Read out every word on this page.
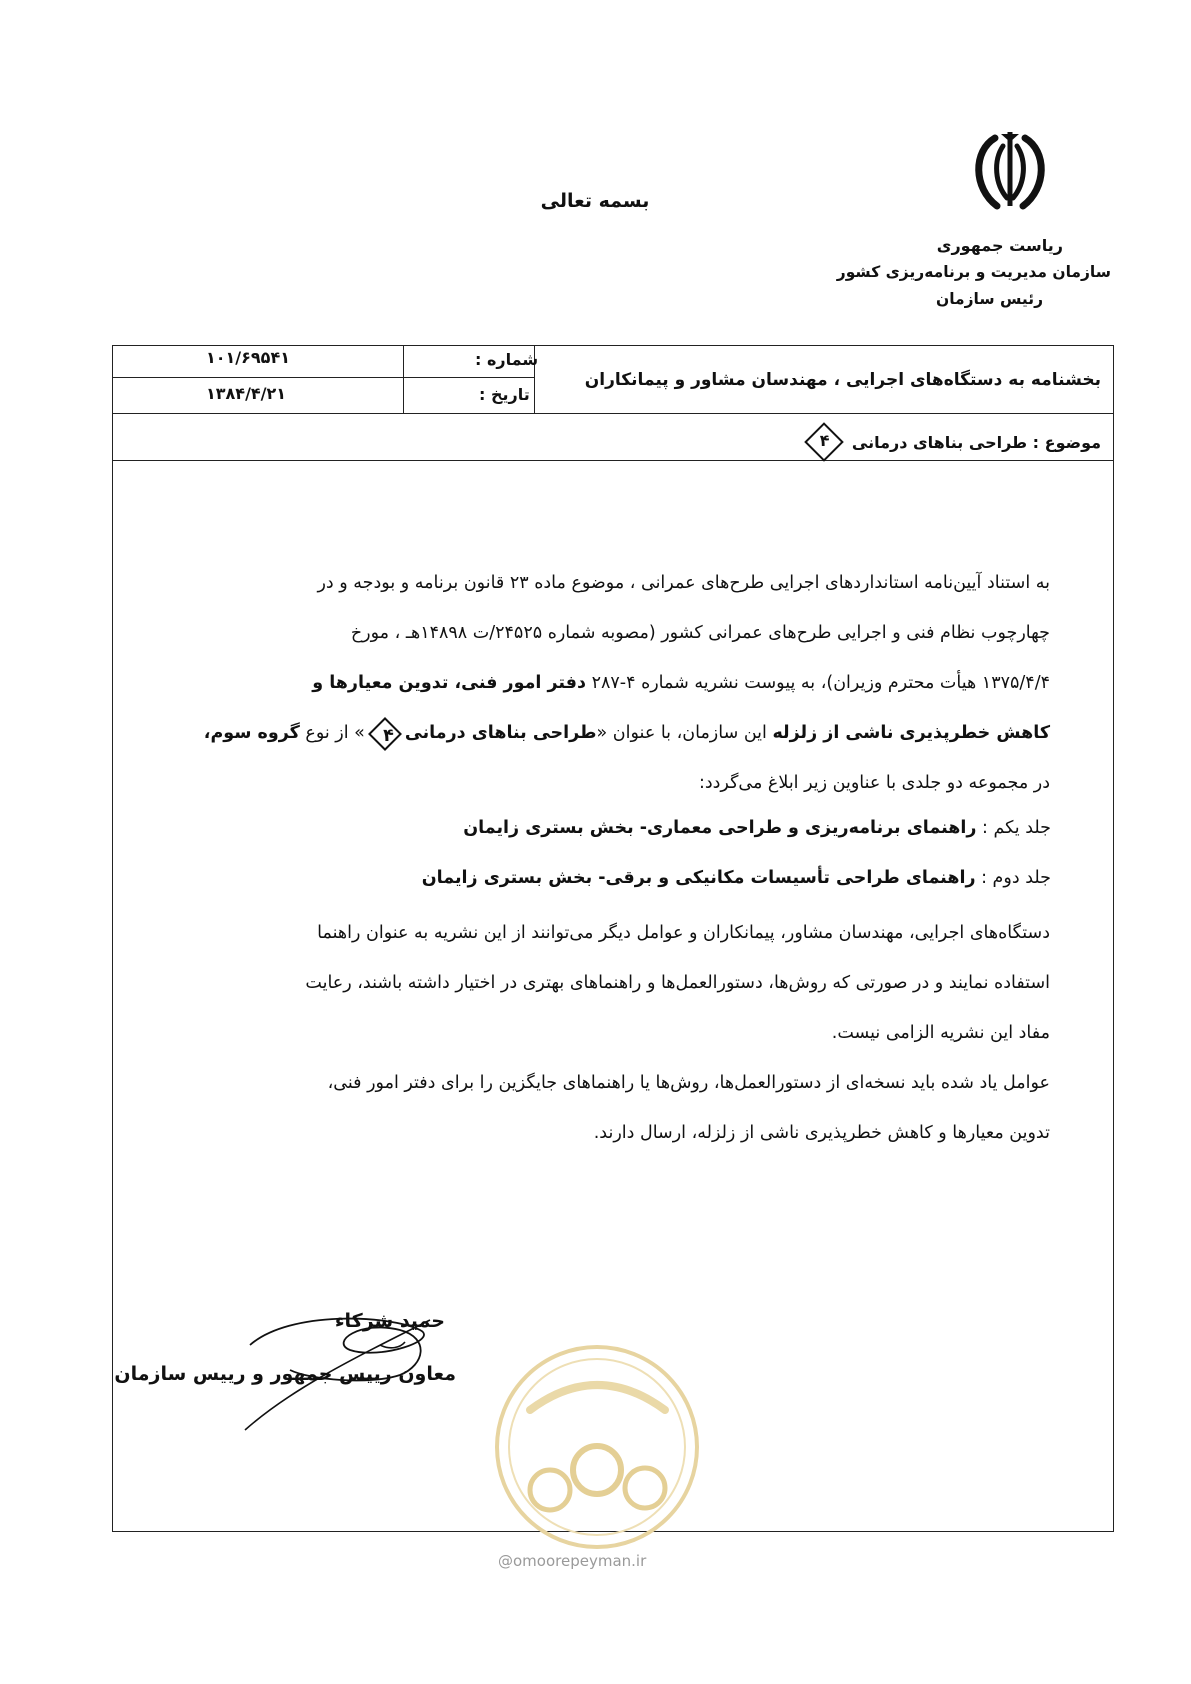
بسمه تعالی
ریاست جمهوری
سازمان مدیریت و برنامه‌ریزی کشور
رئیس سازمان
بخشنامه به دستگاه‌های اجرایی ، مهندسان مشاور و پیمانکاران
شماره :
۱۰۱/۶۹۵۴۱
تاریخ :
۱۳۸۴/۴/۲۱
موضوع : طراحی بناهای درمانی
۴
به استناد آیین‌نامه استانداردهای اجرایی طرح‌های عمرانی ، موضوع ماده ۲۳ قانون برنامه و بودجه و در
چهارچوب نظام فنی و اجرایی طرح‌های عمرانی کشور (مصوبه شماره ۲۴۵۲۵/ت ۱۴۸۹۸هـ ، مورخ
۱۳۷۵/۴/۴ هیأت محترم وزیران)، به پیوست نشریه شماره ۴-۲۸۷ دفتر امور فنی، تدوین معیارها و
کاهش خطرپذیری ناشی از زلزله این سازمان، با عنوان «طراحی بناهای درمانی۴» از نوع گروه سوم،
در مجموعه دو جلدی با عناوین زیر ابلاغ می‌گردد:
جلد یکم : راهنمای برنامه‌ریزی و طراحی معماری- بخش بستری زایمان
جلد دوم : راهنمای طراحی تأسیسات مکانیکی و برقی- بخش بستری زایمان
دستگاه‌های اجرایی، مهندسان مشاور، پیمانکاران و عوامل دیگر می‌توانند از این نشریه به عنوان راهنما
استفاده نمایند و در صورتی که روش‌ها، دستورالعمل‌ها و راهنماهای بهتری در اختیار داشته باشند، رعایت
مفاد این نشریه الزامی نیست.
عوامل یاد شده باید نسخه‌ای از دستورالعمل‌ها، روش‌ها یا راهنماهای جایگزین را برای دفتر امور فنی،
تدوین معیارها و کاهش خطرپذیری ناشی از زلزله، ارسال دارند.
حمید شرکاء
معاون رییس جمهور و رییس سازمان
@omoorepeyman.ir
